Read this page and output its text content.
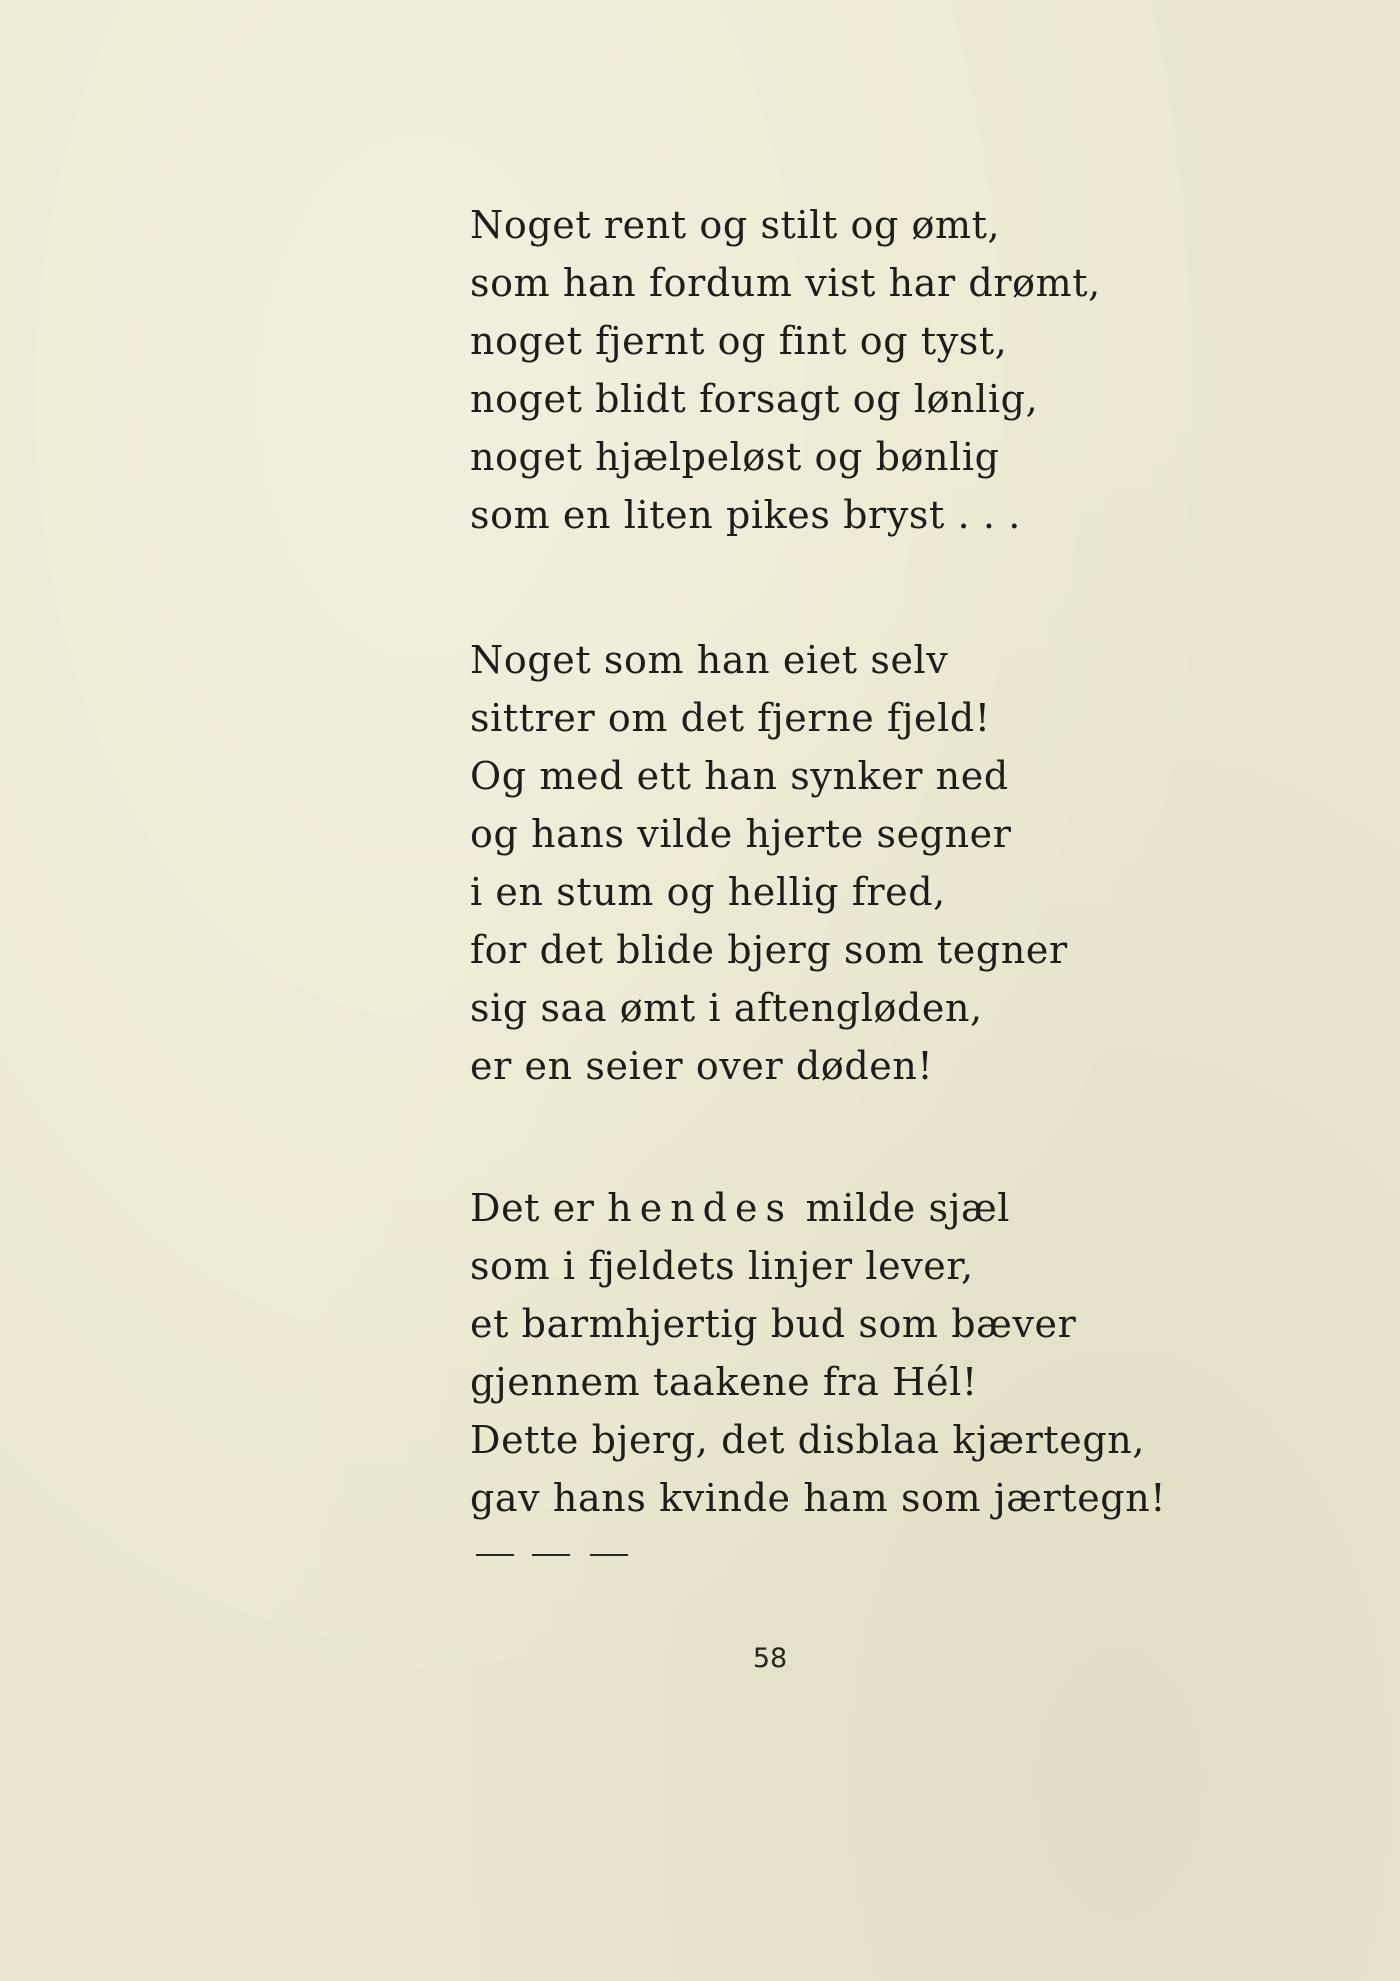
Noget rent og stilt og ømt,
som han fordum vist har drømt,
noget fjernt og fint og tyst,
noget blidt forsagt og lønlig,
noget hjælpeløst og bønlig
som en liten pikes bryst . . .
Noget som han eiet selv
sittrer om det fjerne fjeld!
Og med ett han synker ned
og hans vilde hjerte segner
i en stum og hellig fred,
for det blide bjerg som tegner
sig saa ømt i aftengløden,
er en seier over døden!
Det er hendes milde sjæl
som i fjeldets linjer lever,
et barmhjertig bud som bæver
gjennem taakene fra Hél!
Dette bjerg, det disblaa kjærtegn,
gav hans kvinde ham som jærtegn!
58
